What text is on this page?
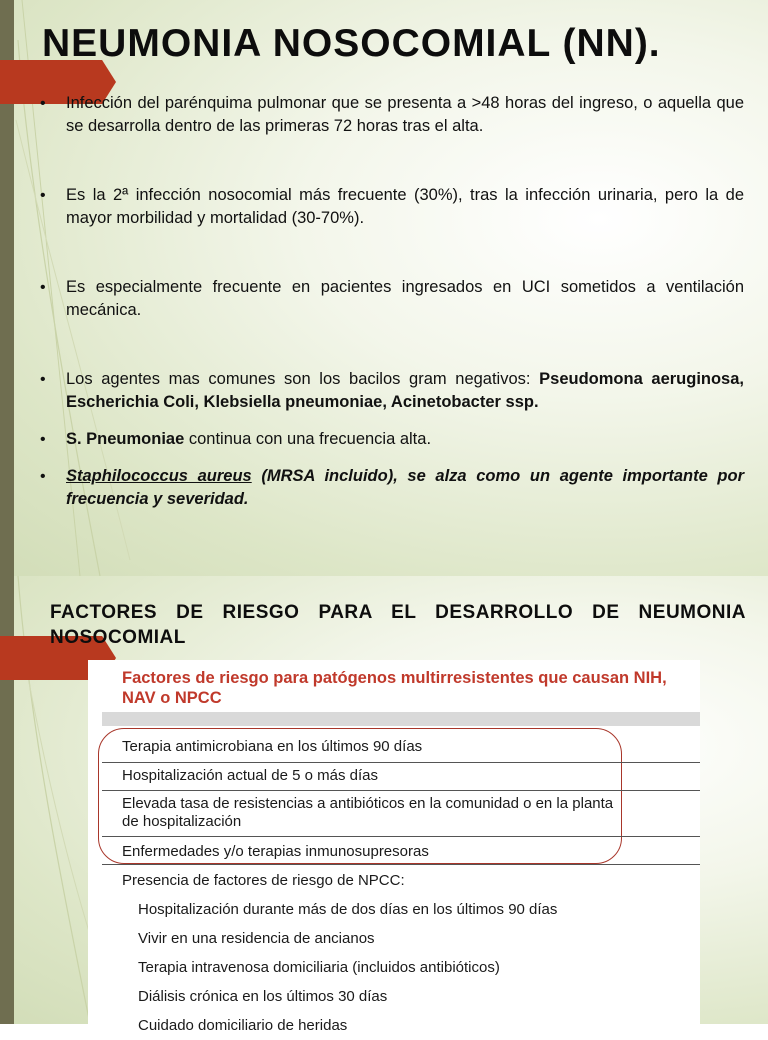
NEUMONIA NOSOCOMIAL (NN).
• Infección del parénquima pulmonar que se presenta a >48 horas del ingreso, o aquella que se desarrolla dentro de las primeras 72 horas tras el alta.
• Es la 2ª infección nosocomial más frecuente (30%), tras la infección urinaria, pero la de mayor morbilidad y mortalidad (30-70%).
• Es especialmente frecuente en pacientes ingresados en UCI sometidos a ventilación mecánica.
• Los agentes mas comunes son los bacilos gram negativos: Pseudomona aeruginosa, Escherichia Coli, Klebsiella pneumoniae, Acinetobacter ssp.
• S. Pneumoniae continua con una frecuencia alta.
• Staphilococcus aureus (MRSA incluido), se alza como un agente importante por frecuencia y severidad.
FACTORES DE RIESGO PARA EL DESARROLLO DE NEUMONIA NOSOCOMIAL
Factores de riesgo para patógenos multirresistentes que causan NIH, NAV o NPCC
Terapia antimicrobiana en los últimos 90 días
Hospitalización actual de 5 o más días
Elevada tasa de resistencias a antibióticos en la comunidad o en la planta de hospitalización
Enfermedades y/o terapias inmunosupresoras
Presencia de factores de riesgo de NPCC:
Hospitalización durante más de dos días en los últimos 90 días
Vivir en una residencia de ancianos
Terapia intravenosa domiciliaria (incluidos antibióticos)
Diálisis crónica en los últimos 30 días
Cuidado domiciliario de heridas
